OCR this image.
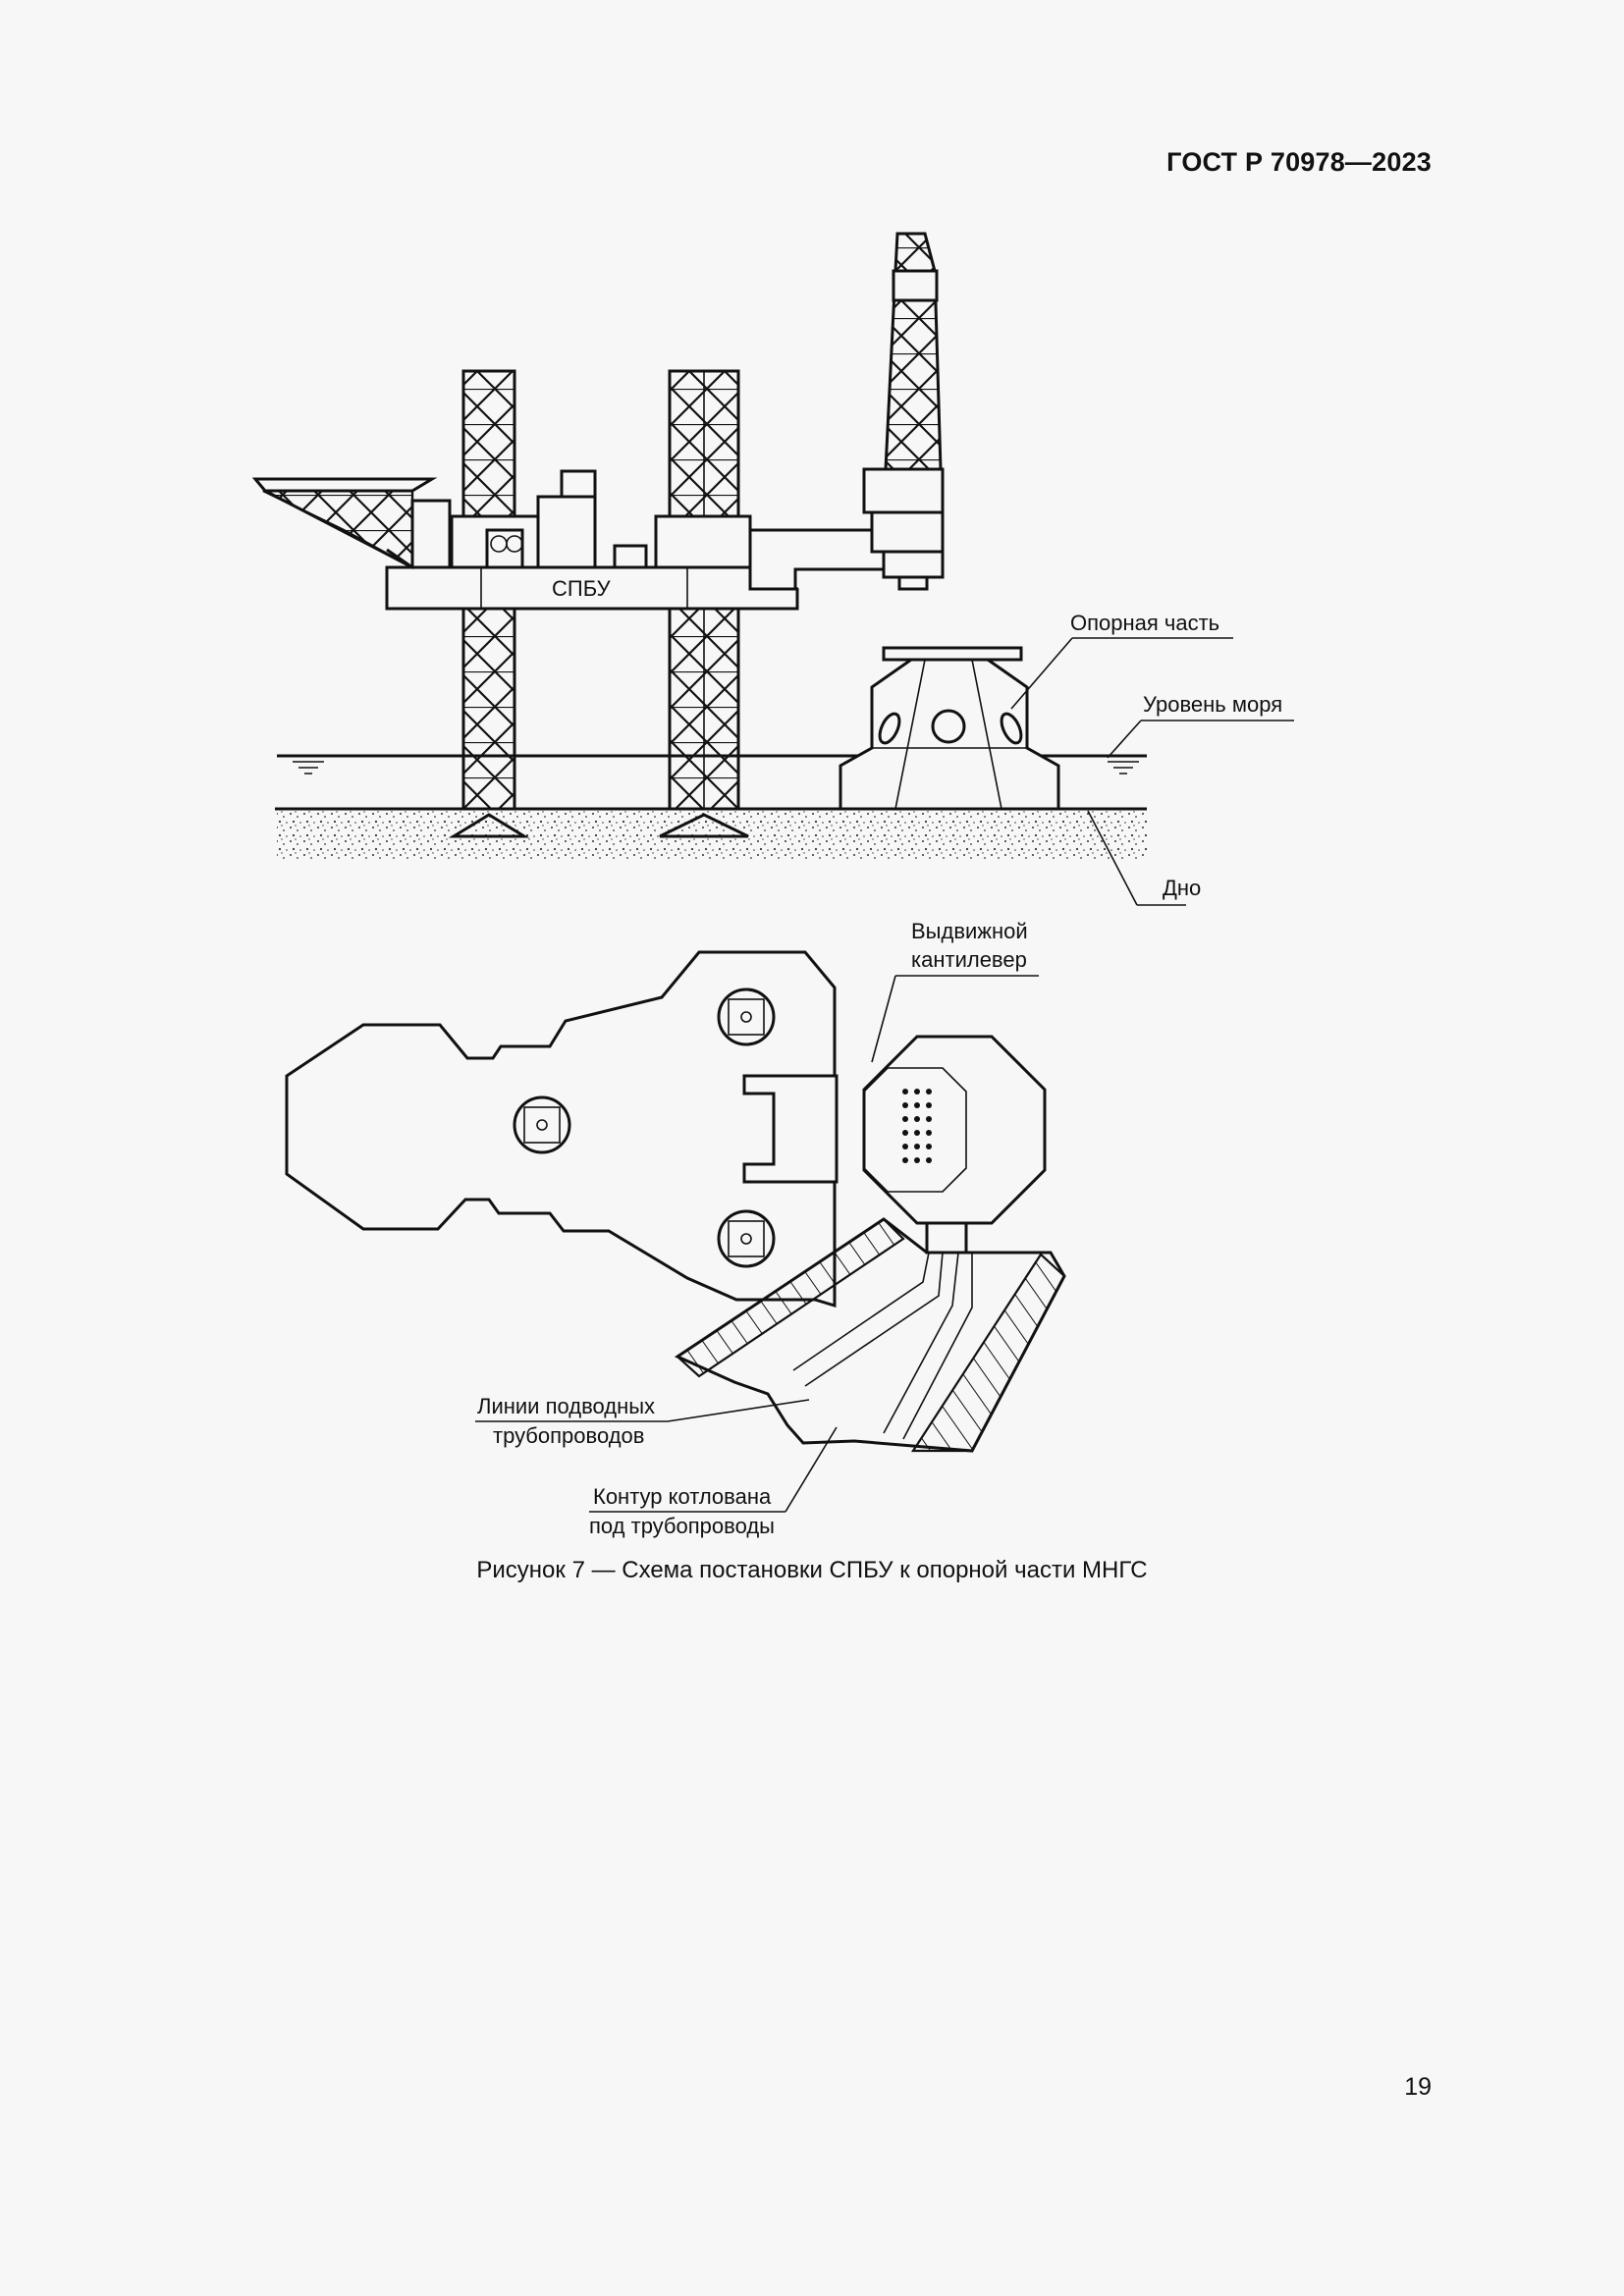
ГОСТ Р 70978—2023
СПБУ
Опорная часть
Уровень моря
Дно
Выдвижной
кантилевер
Линии подводных
трубопроводов
Контур котлована
под трубопроводы
Рисунок 7 — Схема постановки СПБУ к опорной части МНГС
19
